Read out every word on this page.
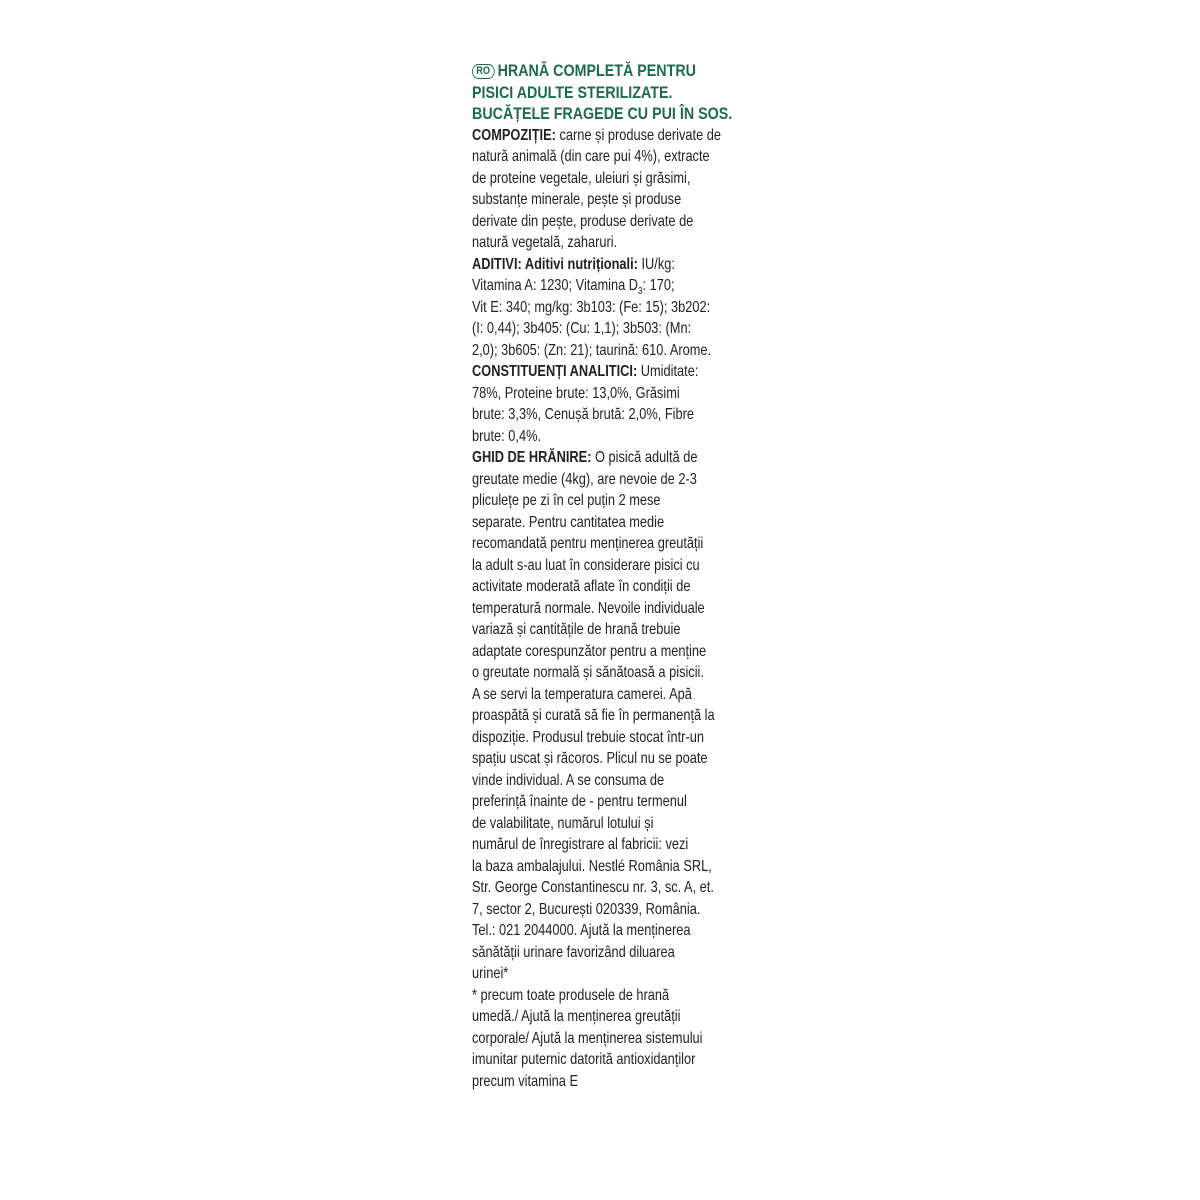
RO HRANĂ COMPLETĂ PENTRU
PISICI ADULTE STERILIZATE.
BUCĂȚELE FRAGEDE CU PUI ÎN SOS.
COMPOZIȚIE: carne și produse derivate de
natură animală (din care pui 4%), extracte
de proteine vegetale, uleiuri și grăsimi,
substanțe minerale, pește și produse
derivate din pește, produse derivate de
natură vegetală, zaharuri.
ADITIVI: Aditivi nutriționali: IU/kg:
Vitamina A: 1230; Vitamina $D_3$: 170;
Vit E: 340; mg/kg: 3b103: (Fe: 15); 3b202:
(I: 0,44); 3b405: (Cu: 1,1); 3b503: (Mn:
2,0); 3b605: (Zn: 21); taurină: 610. Arome.
CONSTITUENȚI ANALITICI: Umiditate:
78%, Proteine brute: 13,0%, Grăsimi
brute: 3,3%, Cenușă brută: 2,0%, Fibre
brute: 0,4%.
GHID DE HRĂNIRE: O pisică adultă de
greutate medie (4kg), are nevoie de 2-3
pliculețe pe zi în cel puțin 2 mese
separate. Pentru cantitatea medie
recomandată pentru menținerea greutății
la adult s-au luat în considerare pisici cu
activitate moderată aflate în condiții de
temperatură normale. Nevoile individuale
variază și cantitățile de hrană trebuie
adaptate corespunzător pentru a menține
o greutate normală și sănătoasă a pisicii.
A se servi la temperatura camerei. Apă
proaspătă și curată să fie în permanență la
dispoziție. Produsul trebuie stocat într-un
spațiu uscat și răcoros. Plicul nu se poate
vinde individual. A se consuma de
preferință înainte de - pentru termenul
de valabilitate, numărul lotului și
numărul de înregistrare al fabricii: vezi
la baza ambalajului. Nestlé România SRL,
Str. George Constantinescu nr. 3, sc. A, et.
7, sector 2, București 020339, România.
Tel.: 021 2044000. Ajută la menținerea
sănătății urinare favorizând diluarea
urinei*
* precum toate produsele de hrană
umedă./ Ajută la menținerea greutății
corporale/ Ajută la menținerea sistemului
imunitar puternic datorită antioxidanților
precum vitamina E
